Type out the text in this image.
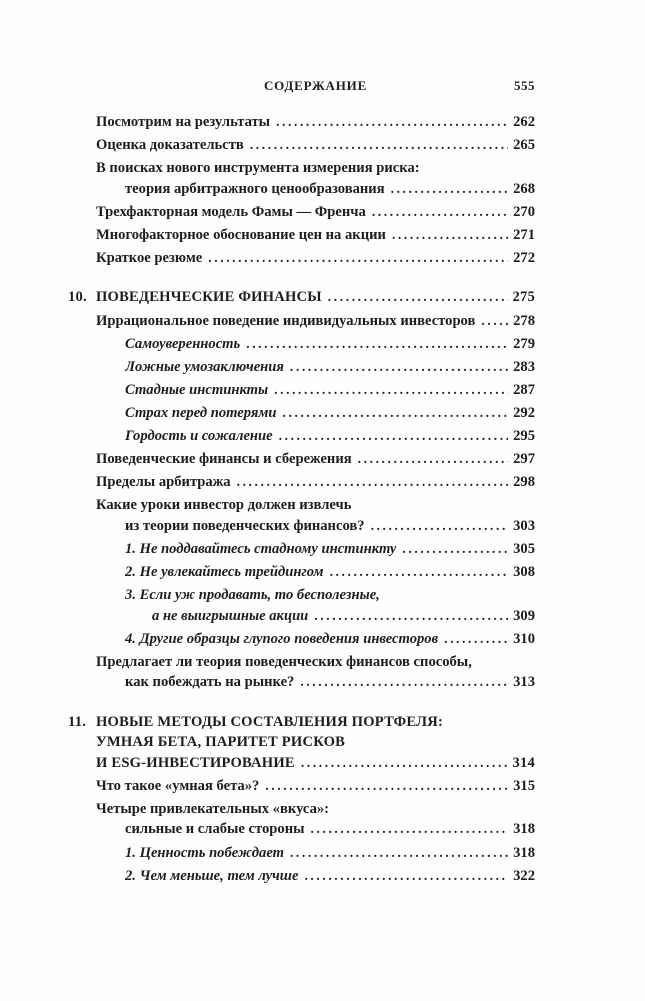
СОДЕРЖАНИЕ	555
Посмотрим на результаты .....	262
Оценка доказательств .....	265
В поисках нового инструмента измерения риска:
теория арбитражного ценообразования .....	268
Трехфакторная модель Фамы — Френча .....	270
Многофакторное обоснование цен на акции .....	271
Краткое резюме .....	272
10. ПОВЕДЕНЧЕСКИЕ ФИНАНСЫ .....	275
Иррациональное поведение индивидуальных инвесторов .....	278
Самоуверенность .....	279
Ложные умозаключения .....	283
Стадные инстинкты .....	287
Страх перед потерями .....	292
Гордость и сожаление .....	295
Поведенческие финансы и сбережения .....	297
Пределы арбитража .....	298
Какие уроки инвестор должен извлечь
из теории поведенческих финансов? .....	303
1. Не поддавайтесь стадному инстинкту .....	305
2. Не увлекайтесь трейдингом .....	308
3. Если уж продавать, то бесполезные,
а не выигрышные акции .....	309
4. Другие образцы глупого поведения инвесторов .....	310
Предлагает ли теория поведенческих финансов способы,
как побеждать на рынке? .....	313
11. НОВЫЕ МЕТОДЫ СОСТАВЛЕНИЯ ПОРТФЕЛЯ:
УМНАЯ БЕТА, ПАРИТЕТ РИСКОВ
И ESG-ИНВЕСТИРОВАНИЕ .....	314
Что такое «умная бета»? .....	315
Четыре привлекательных «вкуса»:
сильные и слабые стороны .....	318
1. Ценность побеждает .....	318
2. Чем меньше, тем лучше .....	322
